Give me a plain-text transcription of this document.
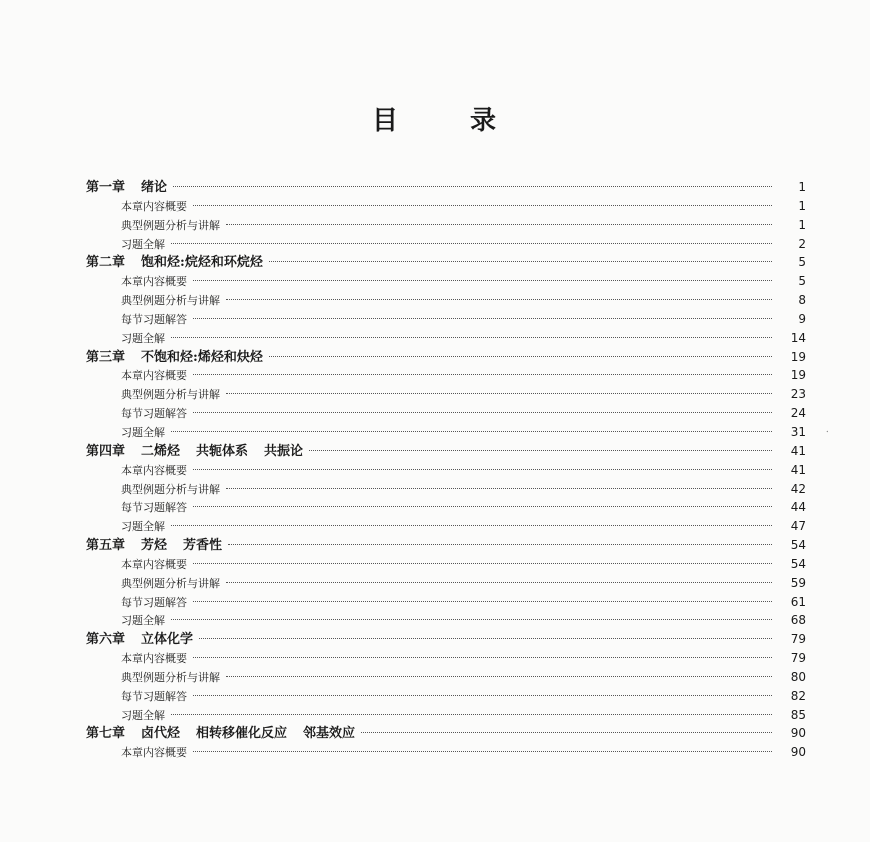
目	录
第一章 绪论	1
本章内容概要	1
典型例题分析与讲解	1
习题全解	2
第二章 饱和烃:烷烃和环烷烃	5
本章内容概要	5
典型例题分析与讲解	8
每节习题解答	9
习题全解	14
第三章 不饱和烃:烯烃和炔烃	19
本章内容概要	19
典型例题分析与讲解	23
每节习题解答	24
习题全解	31
第四章 二烯烃 共轭体系 共振论	41
本章内容概要	41
典型例题分析与讲解	42
每节习题解答	44
习题全解	47
第五章 芳烃 芳香性	54
本章内容概要	54
典型例题分析与讲解	59
每节习题解答	61
习题全解	68
第六章 立体化学	79
本章内容概要	79
典型例题分析与讲解	80
每节习题解答	82
习题全解	85
第七章 卤代烃 相转移催化反应 邻基效应	90
本章内容概要	90
⸱
